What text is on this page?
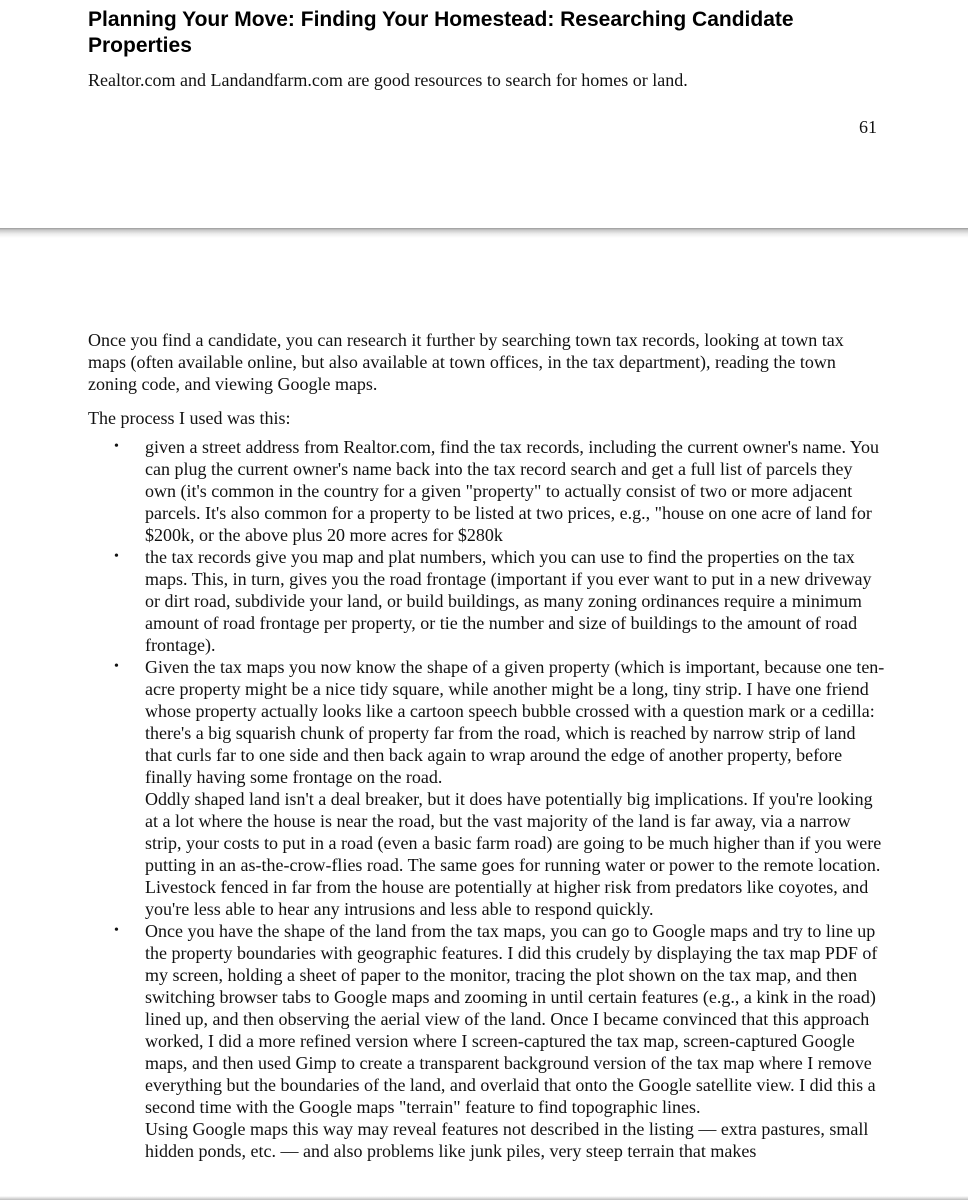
Planning Your Move: Finding Your Homestead: Researching Candidate Properties

Realtor.com and Landandfarm.com are good resources to search for homes or land.

61

Once you find a candidate, you can research it further by searching town tax records, looking at town tax maps (often available online, but also available at town offices, in the tax department), reading the town zoning code, and viewing Google maps.

The process I used was this:

• given a street address from Realtor.com, find the tax records, including the current owner's name. You can plug the current owner's name back into the tax record search and get a full list of parcels they own (it's common in the country for a given "property" to actually consist of two or more adjacent parcels. It's also common for a property to be listed at two prices, e.g., "house on one acre of land for $200k, or the above plus 20 more acres for $280k

• the tax records give you map and plat numbers, which you can use to find the properties on the tax maps. This, in turn, gives you the road frontage (important if you ever want to put in a new driveway or dirt road, subdivide your land, or build buildings, as many zoning ordinances require a minimum amount of road frontage per property, or tie the number and size of buildings to the amount of road frontage).

• Given the tax maps you now know the shape of a given property (which is important, because one ten-acre property might be a nice tidy square, while another might be a long, tiny strip. I have one friend whose property actually looks like a cartoon speech bubble crossed with a question mark or a cedilla: there's a big squarish chunk of property far from the road, which is reached by narrow strip of land that curls far to one side and then back again to wrap around the edge of another property, before finally having some frontage on the road.

Oddly shaped land isn't a deal breaker, but it does have potentially big implications. If you're looking at a lot where the house is near the road, but the vast majority of the land is far away, via a narrow strip, your costs to put in a road (even a basic farm road) are going to be much higher than if you were putting in an as-the-crow-flies road. The same goes for running water or power to the remote location. Livestock fenced in far from the house are potentially at higher risk from predators like coyotes, and you're less able to hear any intrusions and less able to respond quickly.

• Once you have the shape of the land from the tax maps, you can go to Google maps and try to line up the property boundaries with geographic features. I did this crudely by displaying the tax map PDF of my screen, holding a sheet of paper to the monitor, tracing the plot shown on the tax map, and then switching browser tabs to Google maps and zooming in until certain features (e.g., a kink in the road) lined up, and then observing the aerial view of the land. Once I became convinced that this approach worked, I did a more refined version where I screen-captured the tax map, screen-captured Google maps, and then used Gimp to create a transparent background version of the tax map where I remove everything but the boundaries of the land, and overlaid that onto the Google satellite view. I did this a second time with the Google maps "terrain" feature to find topographic lines.

Using Google maps this way may reveal features not described in the listing — extra pastures, small hidden ponds, etc. — and also problems like junk piles, very steep terrain that makes
